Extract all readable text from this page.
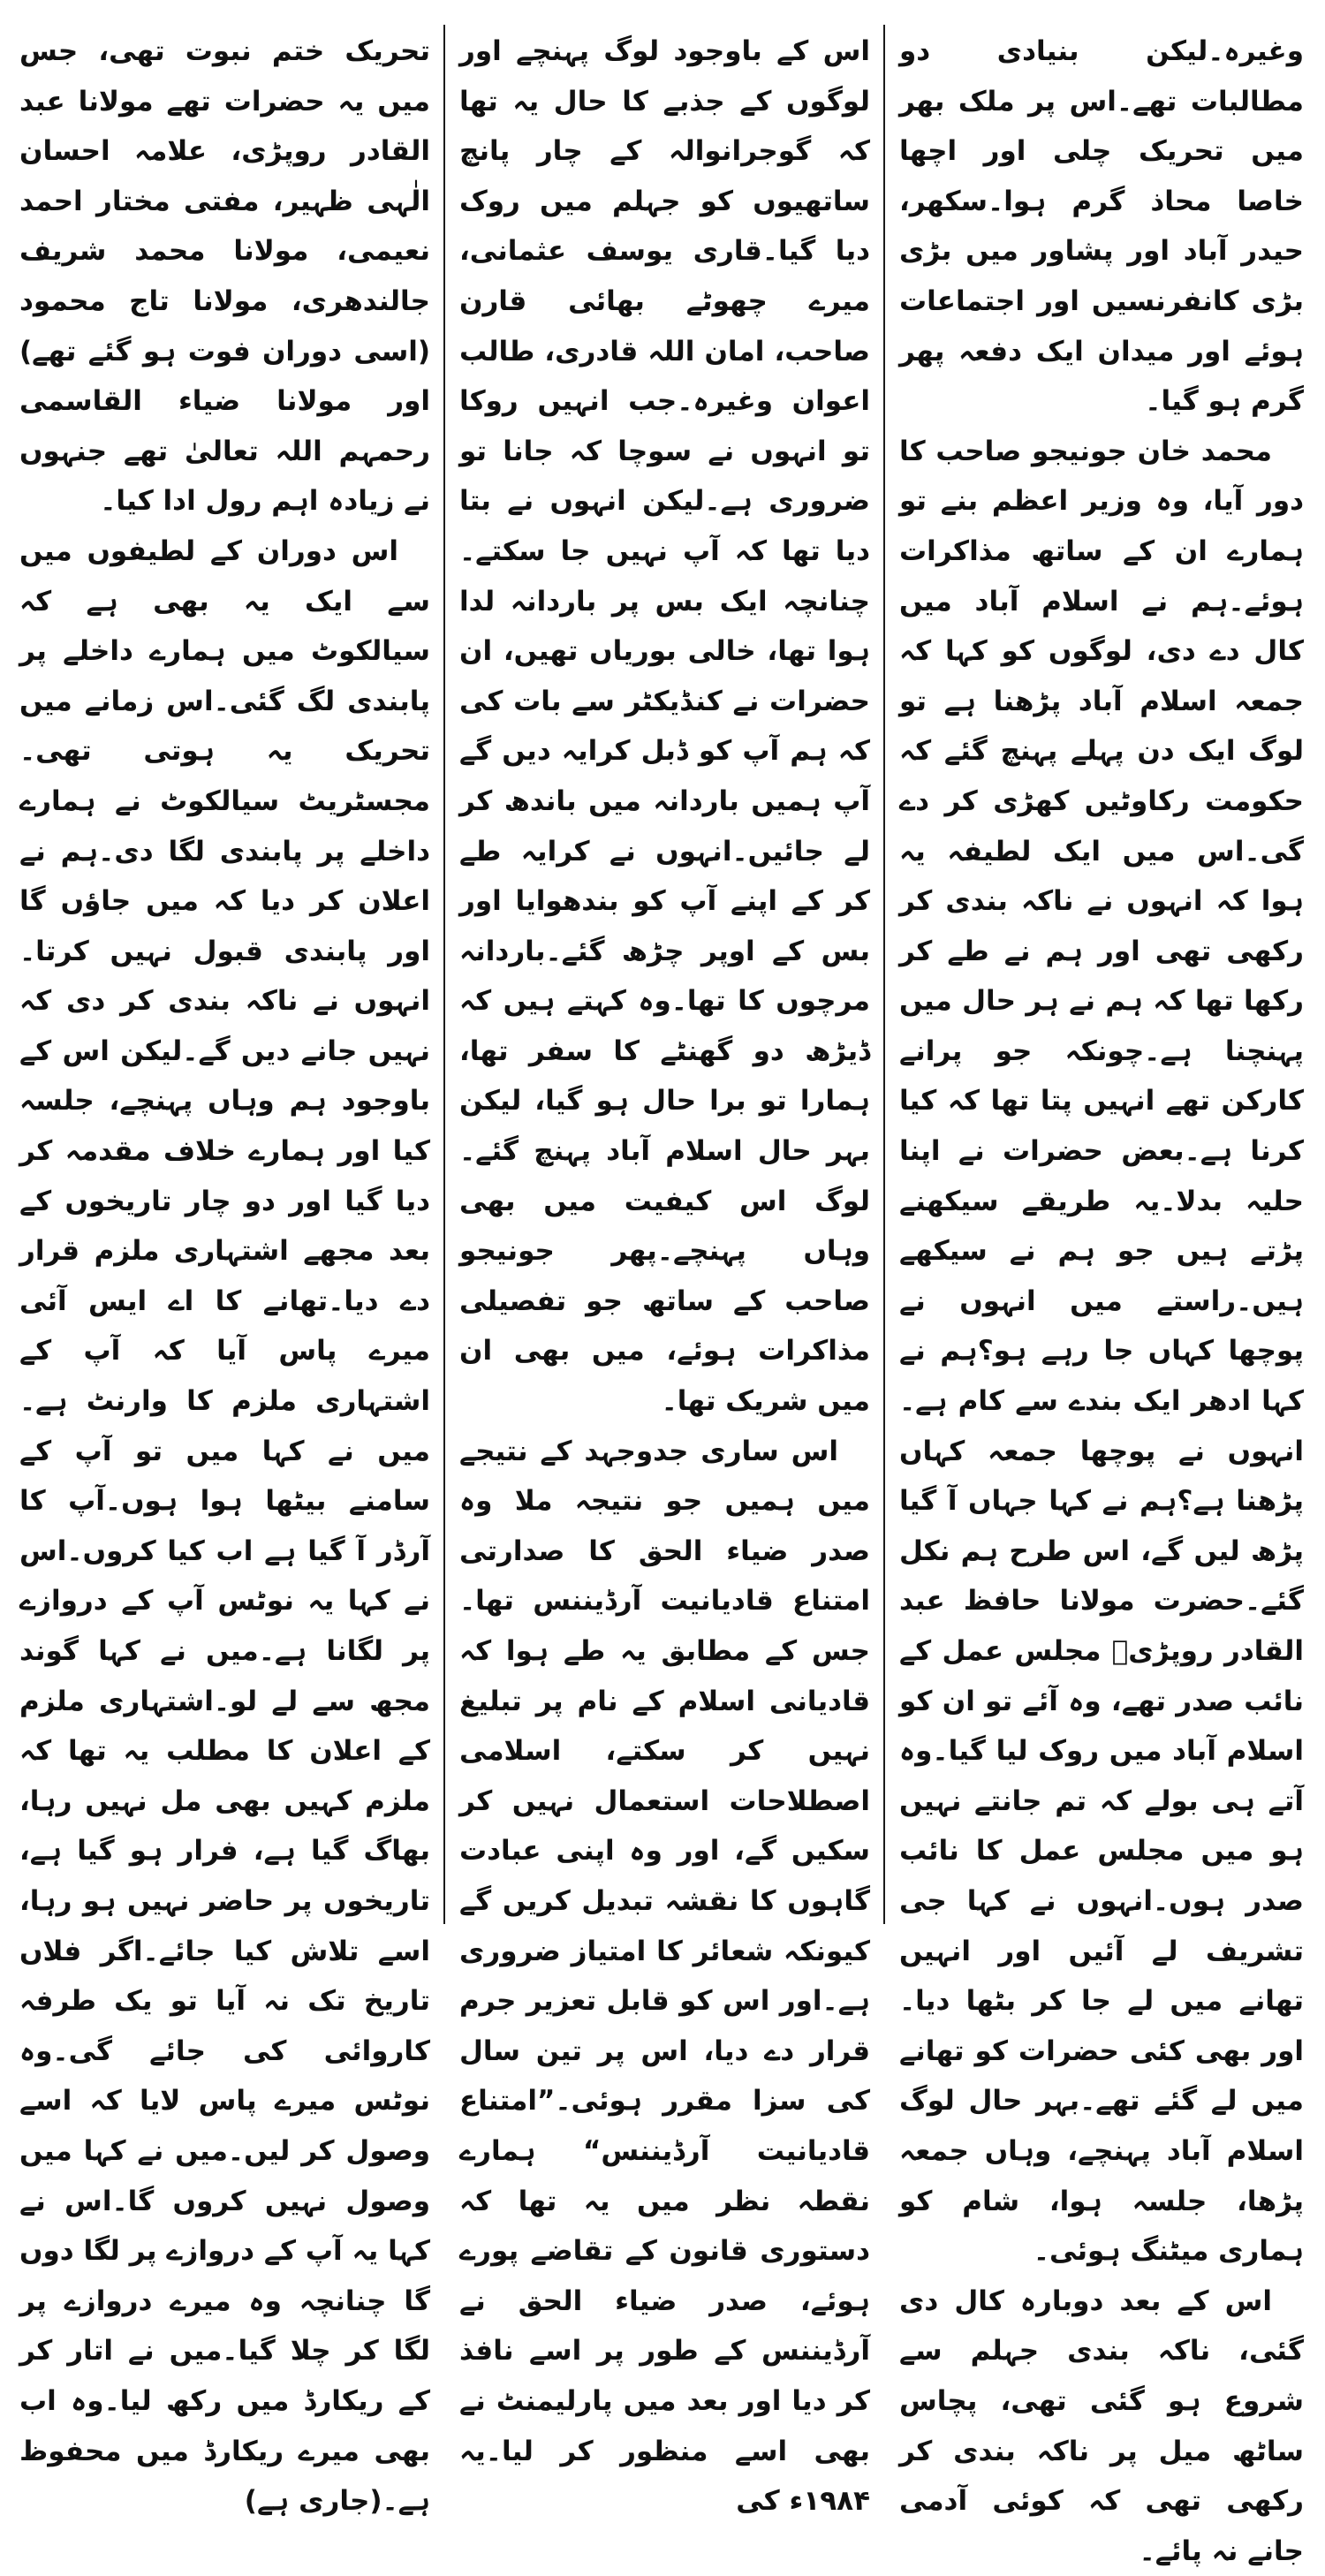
وغیرہ۔لیکن بنیادی دو مطالبات تھے۔اس پر ملک بھر میں تحریک چلی اور اچھا خاصا محاذ گرم ہوا۔سکھر، حیدر آباد اور پشاور میں بڑی بڑی کانفرنسیں اور اجتماعات ہوئے اور میدان ایک دفعہ پھر گرم ہو گیا۔

محمد خان جونیجو صاحب کا دور آیا، وہ وزیر اعظم بنے تو ہمارے ان کے ساتھ مذاکرات ہوئے۔ہم نے اسلام آباد میں کال دے دی، لوگوں کو کہا کہ جمعہ اسلام آباد پڑھنا ہے تو لوگ ایک دن پہلے پہنچ گئے کہ حکومت رکاوٹیں کھڑی کر دے گی۔اس میں ایک لطیفہ یہ ہوا کہ انہوں نے ناکہ بندی کر رکھی تھی اور ہم نے طے کر رکھا تھا کہ ہم نے ہر حال میں پہنچنا ہے۔چونکہ جو پرانے کارکن تھے انہیں پتا تھا کہ کیا کرنا ہے۔بعض حضرات نے اپنا حلیہ بدلا۔یہ طریقے سیکھنے پڑتے ہیں جو ہم نے سیکھے ہیں۔راستے میں انہوں نے پوچھا کہاں جا رہے ہو؟ہم نے کہا ادھر ایک بندے سے کام ہے۔انہوں نے پوچھا جمعہ کہاں پڑھنا ہے؟ہم نے کہا جہاں آ گیا پڑھ لیں گے، اس طرح ہم نکل گئے۔حضرت مولانا حافظ عبد القادر روپڑیؒ مجلس عمل کے نائب صدر تھے، وہ آئے تو ان کو اسلام آباد میں روک لیا گیا۔وہ آتے ہی بولے کہ تم جانتے نہیں ہو میں مجلس عمل کا نائب صدر ہوں۔انہوں نے کہا جی تشریف لے آئیں اور انہیں تھانے میں لے جا کر بٹھا دیا۔اور بھی کئی حضرات کو تھانے میں لے گئے تھے۔بہر حال لوگ اسلام آباد پہنچے، وہاں جمعہ پڑھا، جلسہ ہوا، شام کو ہماری میٹنگ ہوئی۔

اس کے بعد دوبارہ کال دی گئی، ناکہ بندی جہلم سے شروع ہو گئی تھی، پچاس ساٹھ میل پر ناکہ بندی کر رکھی تھی کہ کوئی آدمی جانے نہ پائے۔

اس کے باوجود لوگ پہنچے اور لوگوں کے جذبے کا حال یہ تھا کہ گوجرانوالہ کے چار پانچ ساتھیوں کو جہلم میں روک دیا گیا۔قاری یوسف عثمانی، میرے چھوٹے بھائی قارن صاحب، امان اللہ قادری، طالب اعوان وغیرہ۔جب انہیں روکا تو انہوں نے سوچا کہ جانا تو ضروری ہے۔لیکن انہوں نے بتا دیا تھا کہ آپ نہیں جا سکتے۔چنانچہ ایک بس پر باردانہ لدا ہوا تھا، خالی بوریاں تھیں، ان حضرات نے کنڈیکٹر سے بات کی کہ ہم آپ کو ڈبل کرایہ دیں گے آپ ہمیں باردانہ میں باندھ کر لے جائیں۔انہوں نے کرایہ طے کر کے اپنے آپ کو بندھوایا اور بس کے اوپر چڑھ گئے۔باردانہ مرچوں کا تھا۔وہ کہتے ہیں کہ ڈیڑھ دو گھنٹے کا سفر تھا، ہمارا تو برا حال ہو گیا، لیکن بہر حال اسلام آباد پہنچ گئے۔لوگ اس کیفیت میں بھی وہاں پہنچے۔پھر جونیجو صاحب کے ساتھ جو تفصیلی مذاکرات ہوئے، میں بھی ان میں شریک تھا۔

اس ساری جدوجہد کے نتیجے میں ہمیں جو نتیجہ ملا وہ صدر ضیاء الحق کا صدارتی امتناع قادیانیت آرڈیننس تھا۔جس کے مطابق یہ طے ہوا کہ قادیانی اسلام کے نام پر تبلیغ نہیں کر سکتے، اسلامی اصطلاحات استعمال نہیں کر سکیں گے، اور وہ اپنی عبادت گاہوں کا نقشہ تبدیل کریں گے کیونکہ شعائر کا امتیاز ضروری ہے۔اور اس کو قابل تعزیر جرم قرار دے دیا، اس پر تین سال کی سزا مقرر ہوئی۔”امتناع قادیانیت آرڈیننس“ ہمارے نقطہ نظر میں یہ تھا کہ دستوری قانون کے تقاضے پورے ہوئے، صدر ضیاء الحق نے آرڈیننس کے طور پر اسے نافذ کر دیا اور بعد میں پارلیمنٹ نے بھی اسے منظور کر لیا۔یہ ۱۹۸۴ء کی

تحریک ختم نبوت تھی، جس میں یہ حضرات تھے مولانا عبد القادر روپڑی، علامہ احسان الٰہی ظہیر، مفتی مختار احمد نعیمی، مولانا محمد شریف جالندھری، مولانا تاج محمود (اسی دوران فوت ہو گئے تھے) اور مولانا ضیاء القاسمی رحمہم اللہ تعالیٰ تھے جنہوں نے زیادہ اہم رول ادا کیا۔

اس دوران کے لطیفوں میں سے ایک یہ بھی ہے کہ سیالکوٹ میں ہمارے داخلے پر پابندی لگ گئی۔اس زمانے میں تحریک یہ ہوتی تھی۔مجسٹریٹ سیالکوٹ نے ہمارے داخلے پر پابندی لگا دی۔ہم نے اعلان کر دیا کہ میں جاؤں گا اور پابندی قبول نہیں کرتا۔انہوں نے ناکہ بندی کر دی کہ نہیں جانے دیں گے۔لیکن اس کے باوجود ہم وہاں پہنچے، جلسہ کیا اور ہمارے خلاف مقدمہ کر دیا گیا اور دو چار تاریخوں کے بعد مجھے اشتہاری ملزم قرار دے دیا۔تھانے کا اے ایس آئی میرے پاس آیا کہ آپ کے اشتہاری ملزم کا وارنٹ ہے۔میں نے کہا میں تو آپ کے سامنے بیٹھا ہوا ہوں۔آپ کا آرڈر آ گیا ہے اب کیا کروں۔اس نے کہا یہ نوٹس آپ کے دروازے پر لگانا ہے۔میں نے کہا گوند مجھ سے لے لو۔اشتہاری ملزم کے اعلان کا مطلب یہ تھا کہ ملزم کہیں بھی مل نہیں رہا، بھاگ گیا ہے، فرار ہو گیا ہے، تاریخوں پر حاضر نہیں ہو رہا، اسے تلاش کیا جائے۔اگر فلاں تاریخ تک نہ آیا تو یک طرفہ کاروائی کی جائے گی۔وہ نوٹس میرے پاس لایا کہ اسے وصول کر لیں۔میں نے کہا میں وصول نہیں کروں گا۔اس نے کہا یہ آپ کے دروازے پر لگا دوں گا چنانچہ وہ میرے دروازے پر لگا کر چلا گیا۔میں نے اتار کر کے ریکارڈ میں رکھ لیا۔وہ اب بھی میرے ریکارڈ میں محفوظ ہے۔(جاری ہے)
